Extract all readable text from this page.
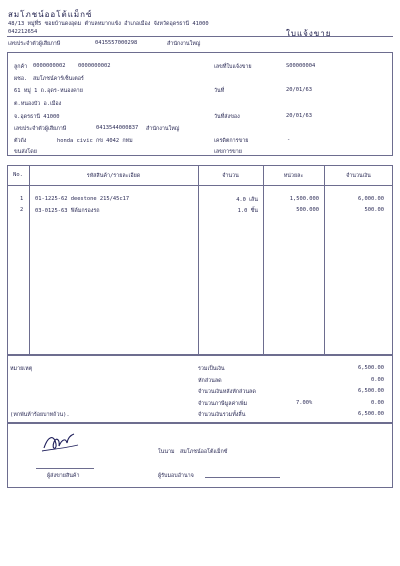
สมโภชน์ออโต้แม็กซ์
48/13 หมู่ที่5 ซอยบ้านดงอุดม ตำบลหมากแข้ง อำเภอเมือง จังหวัดอุดรธานี 41000
042212654	ใบแจ้งขาย
เลขประจำตัวผู้เสียภาษี	0415557000298	สำนักงานใหญ่
ลูกค้า 0000000002 0000000002
ผชอ. สมโภชน์คาร์เซ็นเตอร์
61 หมู่ 1 ถ.อุดร-หนองคาย
ต.หนองบัว อ.เมือง
จ.อุดรธานี 41000
เลขประจำตัวผู้เสียภาษี	0413544000837 สำนักงานใหญ่
ตัวถัง	honda civic กข 4042 กทม
ขนส่งโดย
เลขที่ใบแจ้งขาย	S00000004
วันที่	20/01/63
วันที่ส่งของ	20/01/63
เครดิตการขาย	-
เลขการขาย
No.	รหัสสินค้า/รายละเอียด	จำนวน	หน่วยละ	จำนวนเงิน
1 01-1225-62 deestone 215/45c17	4.0 เส้น	1,500.000	6,000.00
2 03-0125-63 ฟิล์มกรองรถ	1.0 ชิ้น	500.000	500.00
หมายเหตุ
(หกพันห้าร้อยบาทถ้วน).
รวมเป็นเงิน	6,500.00
หักส่วนลด	0.00
จำนวนเงินหลังหักส่วนลด	6,500.00
จำนวนภาษีมูลค่าเพิ่ม	7.00%	0.00
จำนวนเงินรวมทั้งสิ้น	6,500.00
ผู้ส่งขายสินค้า
ในนาม สมโภชน์ออโต้แม็กซ์
ผู้รับมอบอำนาจ
